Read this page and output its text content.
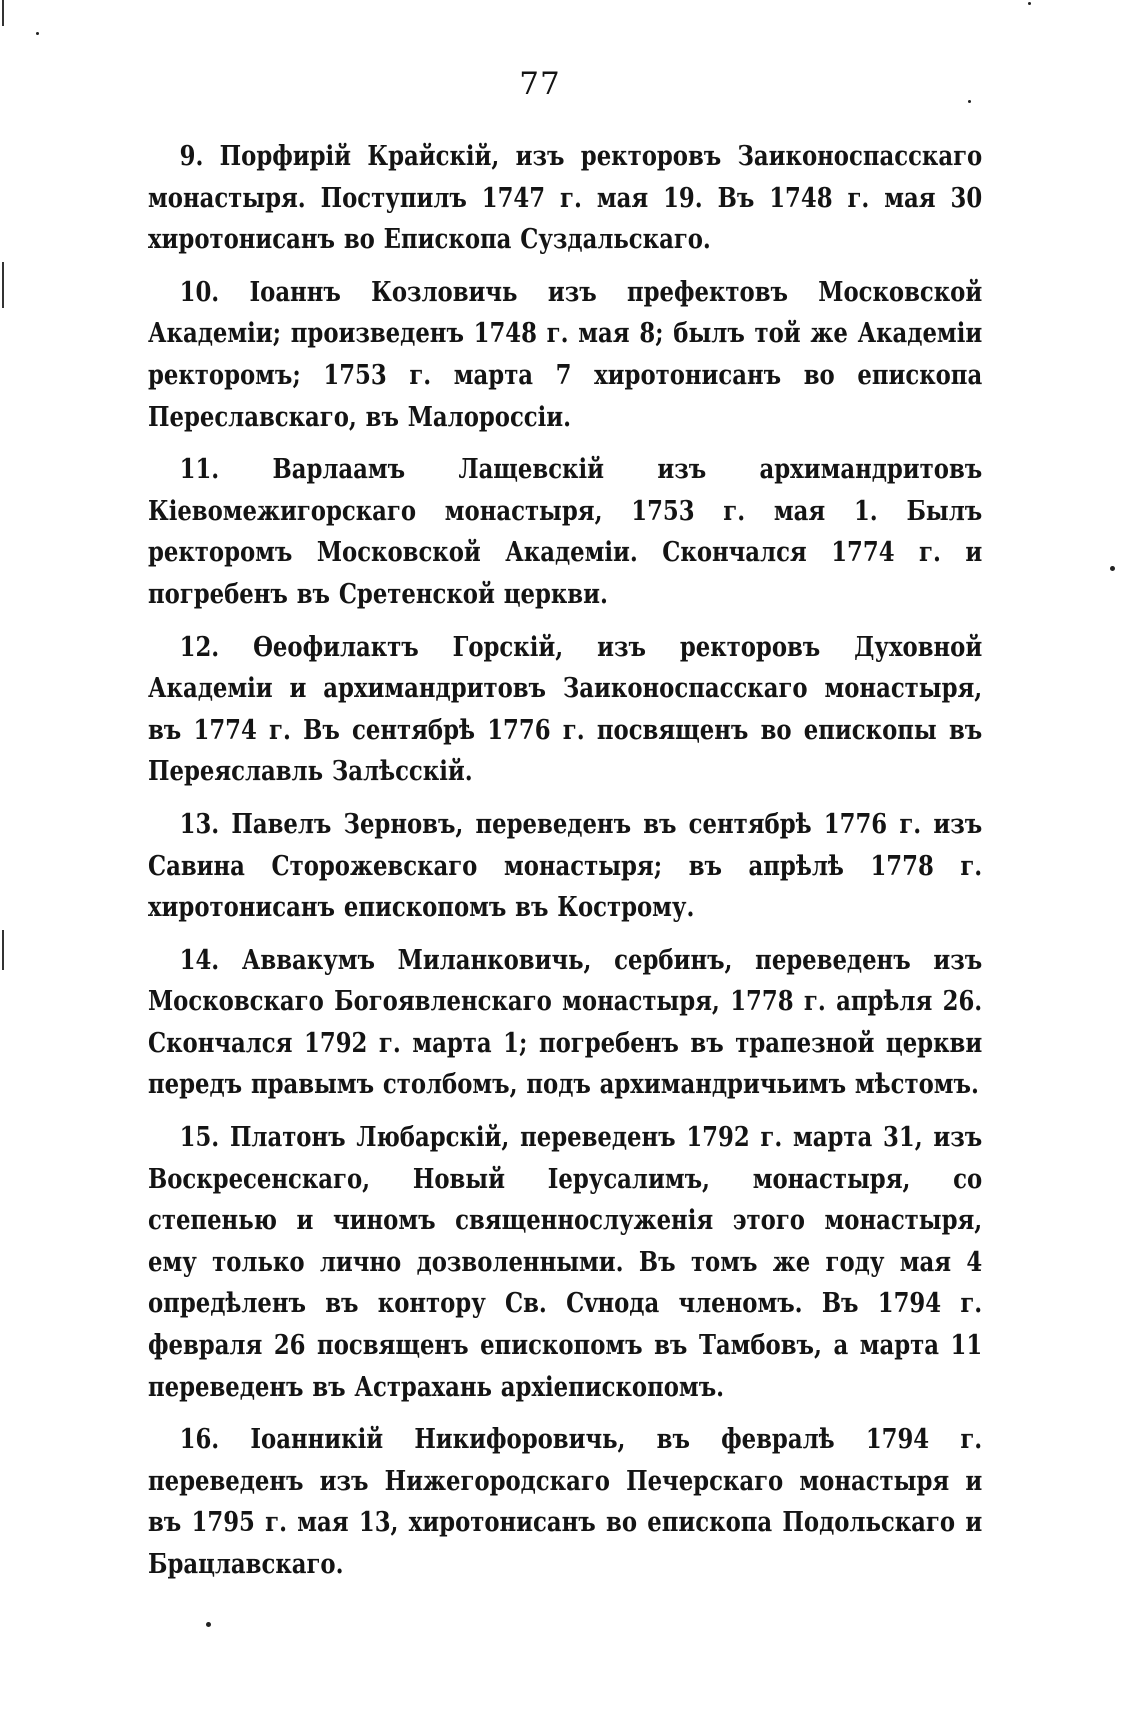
77

9. Порфирій Крайскій, изъ ректоровъ Заиконоспасскаго монастыря. Поступилъ 1747 г. мая 19. Въ 1748 г. мая 30 хиротонисанъ во Епископа Суздальскаго.

10. Іоаннъ Козловичь изъ префектовъ Московской Академіи; произведенъ 1748 г. мая 8; былъ той же Академіи ректоромъ; 1753 г. марта 7 хиротонисанъ во епископа Переславскаго, въ Малороссіи.

11. Варлаамъ Лащевскій изъ архимандритовъ Кіевомежигорскаго монастыря, 1753 г. мая 1. Былъ ректоромъ Московской Академіи. Скончался 1774 г. и погребенъ въ Сретенской церкви.

12. Ѳеофилактъ Горскій, изъ ректоровъ Духовной Академіи и архимандритовъ Заиконоспасскаго монастыря, въ 1774 г. Въ сентябрѣ 1776 г. посвященъ во епископы въ Переяславль Залѣсскій.

13. Павелъ Зерновъ, переведенъ въ сентябрѣ 1776 г. изъ Савина Сторожевскаго монастыря; въ апрѣлѣ 1778 г. хиротонисанъ епископомъ въ Кострому.

14. Аввакумъ Миланковичь, сербинъ, переведенъ изъ Московскаго Богоявленскаго монастыря, 1778 г. апрѣля 26. Скончался 1792 г. марта 1; погребенъ въ трапезной церкви передъ правымъ столбомъ, подъ архимандричьимъ мѣстомъ.

15. Платонъ Любарскій, переведенъ 1792 г. марта 31, изъ Воскресенскаго, Новый Іерусалимъ, монастыря, со степенью и чиномъ священнослуженія этого монастыря, ему только лично дозволенными. Въ томъ же году мая 4 опредѣленъ въ контору Св. Сvнода членомъ. Въ 1794 г. февраля 26 посвященъ епископомъ въ Тамбовъ, а марта 11 переведенъ въ Астрахань архіепископомъ.

16. Іоанникій Никифоровичь, въ февралѣ 1794 г. переведенъ изъ Нижегородскаго Печерскаго монастыря и въ 1795 г. мая 13, хиротонисанъ во епископа Подольскаго и Брацлавскаго.
